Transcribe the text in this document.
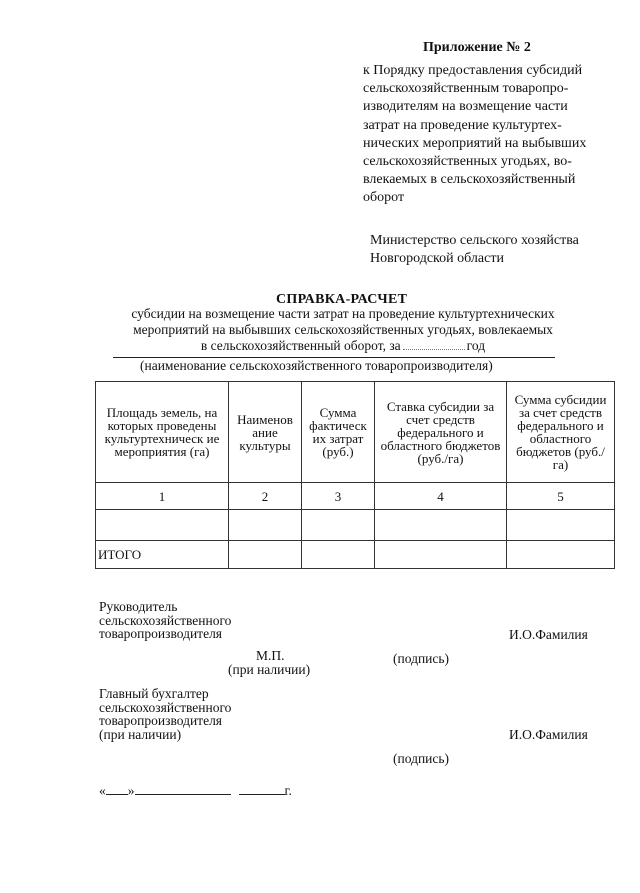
Приложение № 2
к Порядку предоставления субсидий
сельскохозяйственным товаропро-
изводителям на возмещение части
затрат на проведение культуртех-
нических мероприятий на выбывших
сельскохозяйственных угодьях, во-
влекаемых в сельскохозяйственный
оборот
Министерство сельского хозяйства
Новгородской области
СПРАВКА-РАСЧЕТ
субсидии на возмещение части затрат на проведение культуртехнических
мероприятий на выбывших сельскохозяйственных угодьях, вовлекаемых
в сельскохозяйственный оборот, за	год
(наименование сельскохозяйственного товаропроизводителя)
Площадь земель, на которых проведены культуртехническ ие мероприятия (га)	Наименов ание культуры	Сумма фактическ их затрат (руб.)	Ставка субсидии за счет средств федерального и областного бюджетов (руб./га)	Сумма субсидии за счет средств федерального и областного бюджетов (руб./га)
1	2	3	4	5

ИТОГО				
Руководитель
сельскохозяйственного
товаропроизводителя	И.О.Фамилия
М.П.
(при наличии)
(подпись)
Главный бухгалтер
сельскохозяйственного
товаропроизводителя
(при наличии)	И.О.Фамилия
(подпись)
« »	г.
